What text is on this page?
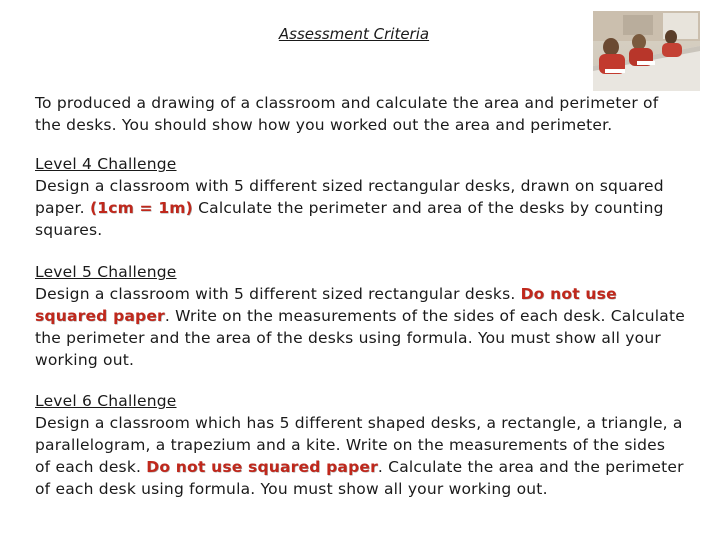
Assessment Criteria
To produced a drawing of a classroom and calculate the area and perimeter of the desks. You should show how you worked out the area and perimeter.
Level 4 Challenge
Design a classroom with 5 different sized rectangular desks, drawn on squared paper. (1cm = 1m) Calculate the perimeter and area of the desks by counting squares.
Level 5 Challenge
Design a classroom with 5 different sized rectangular desks. Do not use squared paper. Write on the measurements of the sides of each desk. Calculate the perimeter and the area of the desks using formula. You must show all your working out.
Level 6 Challenge
Design a classroom which has 5 different shaped desks, a rectangle, a triangle, a parallelogram, a trapezium and a kite. Write on the measurements of the sides of each desk. Do not use squared paper. Calculate the area and the perimeter of each desk using formula. You must show all your working out.
